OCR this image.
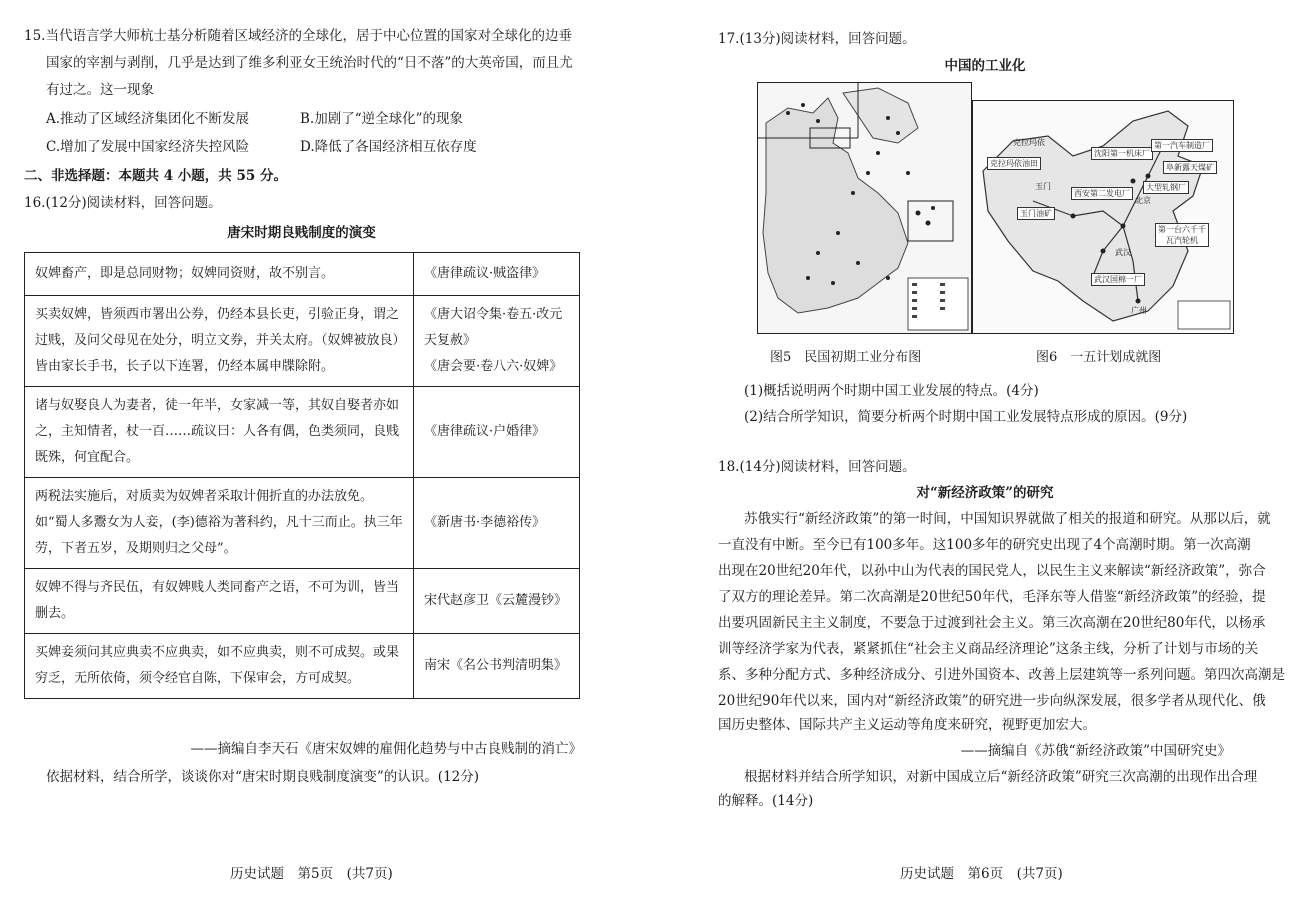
15.当代语言学大师杭士基分析随着区域经济的全球化，居于中心位置的国家对全球化的边垂
国家的宰割与剥削，几乎是达到了维多利亚女王统治时代的“日不落”的大英帝国，而且尤
有过之。这一现象
A.推动了区域经济集团化不断发展	B.加剧了“逆全球化”的现象
C.增加了发展中国家经济失控风险	D.降低了各国经济相互依存度
二、非选择题：本题共 4 小题，共 55 分。
16.(12分)阅读材料，回答问题。
唐宋时期良贱制度的演变
奴婢畜产，即是总同财物；奴婢同资财，故不别言。	《唐律疏议·贼盗律》

买卖奴婢，皆须西市署出公券，仍经本县长吏，引验正身，谓之过贱，及问父母见在处分，明立文券，并关太府。（奴婢被放良）皆由家长手书，长子以下连署，仍经本属申牒除附。	《唐大诏令集·卷五·改元天复赦》
《唐会要·卷八六·奴婢》

诸与奴娶良人为妻者，徒一年半，女家减一等，其奴自娶者亦如之，主知情者，杖一百……疏议曰：人各有偶，色类须同，良贱既殊，何宜配合。	《唐律疏议·户婚律》

两税法实施后，对质卖为奴婢者采取计佣折直的办法放免。如“蜀人多鬻女为人妾，(李)德裕为著科约，凡十三而止。执三年劳，下者五岁，及期则归之父母”。	《新唐书·李德裕传》

奴婢不得与齐民伍，有奴婢贱人类同畜产之语，不可为训，皆当删去。	宋代赵彦卫《云麓漫钞》

买婢妾须问其应典卖不应典卖，如不应典卖，则不可成契。或果穷乏，无所依倚，须令经官自陈，下保审会，方可成契。	南宋《名公书判清明集》
——摘编自李天石《唐宋奴婢的雇佣化趋势与中古良贱制的消亡》
依据材料，结合所学，谈谈你对“唐宋时期良贱制度演变”的认识。(12分)
历史试题　第5页　(共7页)
17.(13分)阅读材料，回答问题。
中国的工业化
克拉玛依
克拉玛依油田
玉门
玉门油矿
沈阳第一机床厂
第一汽车制造厂
阜新露天煤矿
大型轧钢厂
西安第二发电厂
北京
第一台六千千瓦汽轮机
武汉
武汉国棉一厂
广州
图5　民国初期工业分布图	图6　一五计划成就图
(1)概括说明两个时期中国工业发展的特点。(4分)
(2)结合所学知识，简要分析两个时期中国工业发展特点形成的原因。(9分)
18.(14分)阅读材料，回答问题。
对“新经济政策”的研究
苏俄实行“新经济政策”的第一时间，中国知识界就做了相关的报道和研究。从那以后，就
一直没有中断。至今已有100多年。这100多年的研究史出现了4个高潮时期。第一次高潮
出现在20世纪20年代，以孙中山为代表的国民党人，以民生主义来解读“新经济政策”，弥合
了双方的理论差异。第二次高潮是20世纪50年代，毛泽东等人借鉴“新经济政策”的经验，提
出要巩固新民主主义制度，不要急于过渡到社会主义。第三次高潮在20世纪80年代，以杨承
训等经济学家为代表，紧紧抓住“社会主义商品经济理论”这条主线，分析了计划与市场的关
系、多种分配方式、多种经济成分、引进外国资本、改善上层建筑等一系列问题。第四次高潮是
20世纪90年代以来，国内对“新经济政策”的研究进一步向纵深发展，很多学者从现代化、俄
国历史整体、国际共产主义运动等角度来研究，视野更加宏大。
——摘编自《苏俄“新经济政策”中国研究史》
根据材料并结合所学知识，对新中国成立后“新经济政策”研究三次高潮的出现作出合理
的解释。(14分)
历史试题　第6页　(共7页)
